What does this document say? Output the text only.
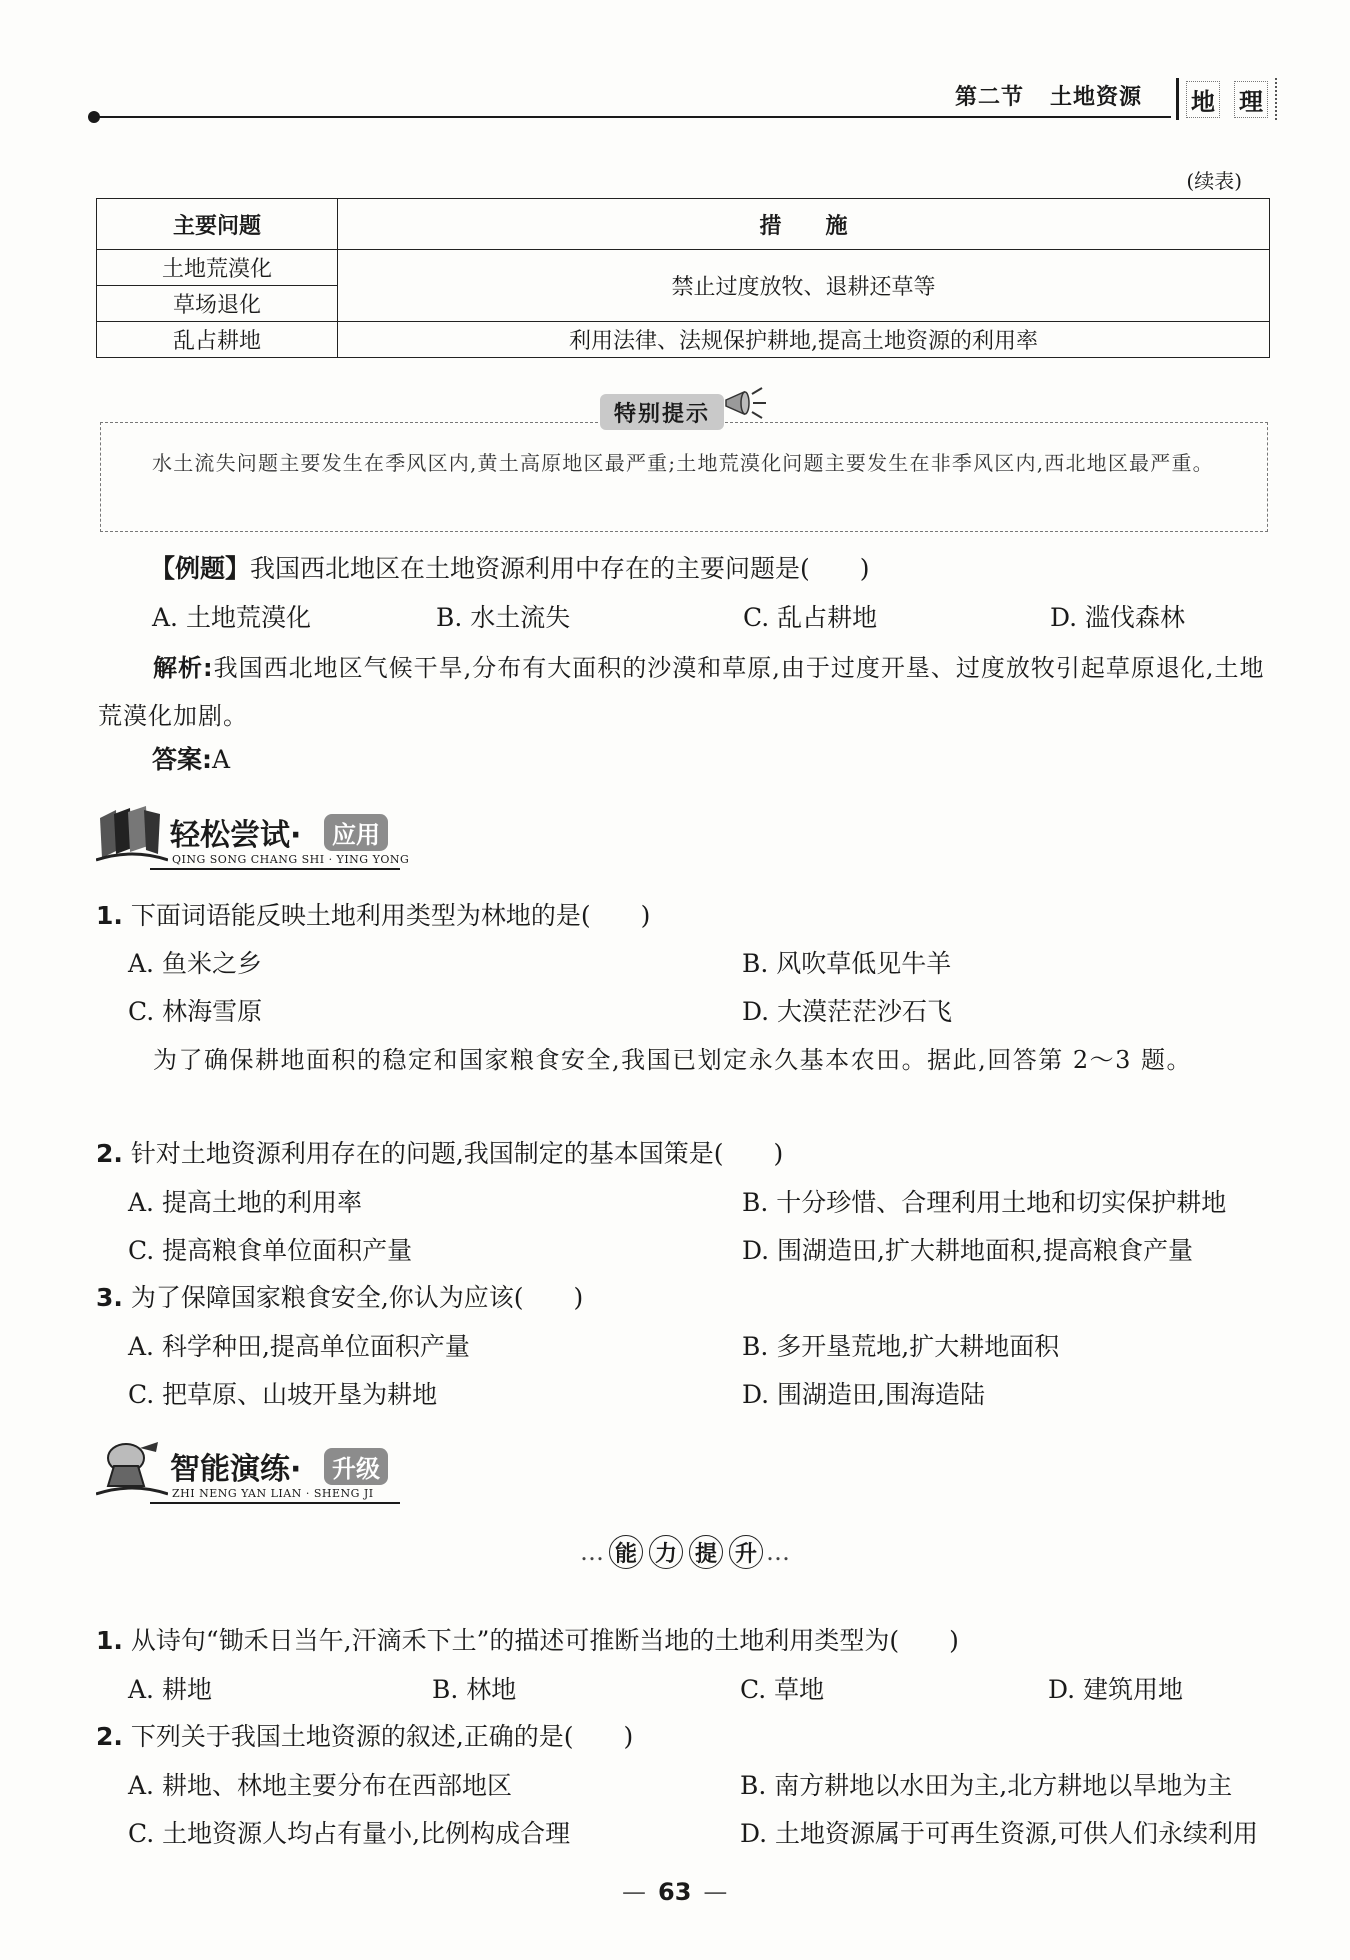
第二节 土地资源 地 理
(续表)
主要问题	措　　施
土地荒漠化	禁止过度放牧、退耕还草等
草场退化	
乱占耕地	利用法律、法规保护耕地,提高土地资源的利用率
特别提示
水土流失问题主要发生在季风区内,黄土高原地区最严重;土地荒漠化问题主要发生在非季风区内,西北地区最严重。
【例题】我国西北地区在土地资源利用中存在的主要问题是(　　)
A. 土地荒漠化	B. 水土流失	C. 乱占耕地	D. 滥伐森林
解析:我国西北地区气候干旱,分布有大面积的沙漠和草原,由于过度开垦、过度放牧引起草原退化,土地荒漠化加剧。
答案:A
轻松尝试·	应用
QING SONG CHANG SHI · YING YONG
1. 下面词语能反映土地利用类型为林地的是(　　)
A. 鱼米之乡	B. 风吹草低见牛羊
C. 林海雪原	D. 大漠茫茫沙石飞
为了确保耕地面积的稳定和国家粮食安全,我国已划定永久基本农田。据此,回答第 2～3 题。
2. 针对土地资源利用存在的问题,我国制定的基本国策是(　　)
A. 提高土地的利用率	B. 十分珍惜、合理利用土地和切实保护耕地
C. 提高粮食单位面积产量	D. 围湖造田,扩大耕地面积,提高粮食产量
3. 为了保障国家粮食安全,你认为应该(　　)
A. 科学种田,提高单位面积产量	B. 多开垦荒地,扩大耕地面积
C. 把草原、山坡开垦为耕地	D. 围湖造田,围海造陆
智能演练·	升级
ZHI NENG YAN LIAN · SHENG JI
… 能 力 提 升 …
1. 从诗句“锄禾日当午,汗滴禾下土”的描述可推断当地的土地利用类型为(　　)
A. 耕地	B. 林地	C. 草地	D. 建筑用地
2. 下列关于我国土地资源的叙述,正确的是(　　)
A. 耕地、林地主要分布在西部地区	B. 南方耕地以水田为主,北方耕地以旱地为主
C. 土地资源人均占有量小,比例构成合理	D. 土地资源属于可再生资源,可供人们永续利用
— 63 —
